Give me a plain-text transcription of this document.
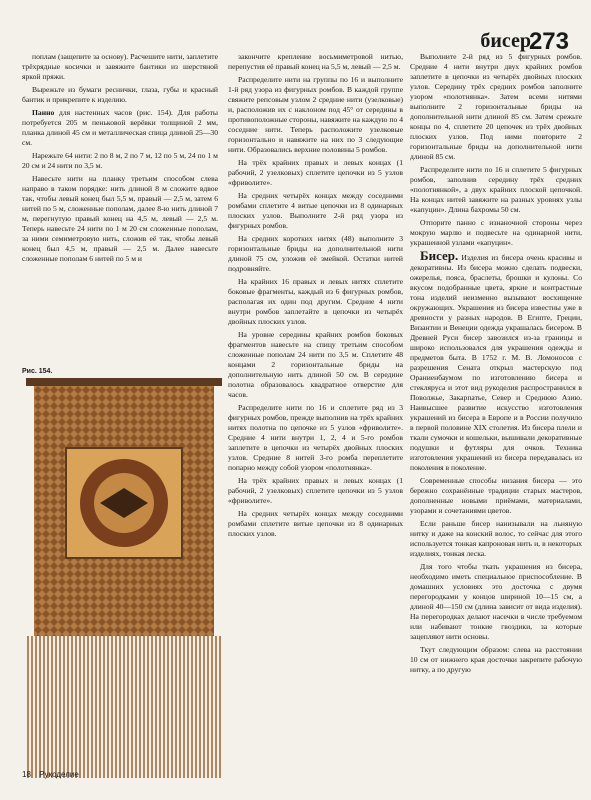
бисер
273

поплам (защепите за основу). Расчешите нити, заплетите трёхрядные косички и завяжите бантики из шерстяной яркой пряжи.

Вырежьте из бумаги реснички, глаза, губы и красный бантик и прикрепите к изделию.

Панно для настенных часов (рис. 154). Для работы потребуется 205 м пеньковой верёвки толщиной 2 мм, планка длиной 45 см и металлическая спица длиной 25—30 см.

Нарежьте 64 нити: 2 по 8 м, 2 по 7 м, 12 по 5 м, 24 по 1 м 20 см и 24 нити по 3,5 м.

Навесьте нити на планку третьим способом слева направо в таком порядке: нить длиной 8 м сложите вдвое так, чтобы левый конец был 5,5 м, правый — 2,5 м, затем 6 нитей по 5 м, сложенные пополам, далее 8-ю нить длиной 7 м, перегнутую правый конец на 4,5 м, левый — 2,5 м. Теперь навесьте 24 нити по 1 м 20 см сложенные пополам, за ними семиметровую нить, сложив её так, чтобы левый конец был 4,5 м, правый — 2,5 м. Далее навесьте сложенные пополам 6 нитей по 5 м и

Рис. 154.

закончите крепление восьмиметровой нитью, перепустив её правый конец на 5,5 м, левый — 2,5 м.

Распределите нити на группы по 16 и выполните 1-й ряд узора из фигурных ромбов. В каждой группе свяжите репсовым узлом 2 средние нити (узелковые) и, расположив их с наклоном под 45° от середины в противоположные стороны, навяжите на каждую по 4 соседние нити. Теперь расположите узелковые горизонтально и навяжите на них по 3 следующие нити. Образовались верхние половины 5 ромбов.

На трёх крайних правых и левых концах (1 рабочий, 2 узелковых) сплетите цепочки из 5 узлов «фриволите».

На средних четырёх концах между соседними ромбами сплетите 4 витые цепочки из 8 одинарных плоских узлов. Выполните 2-й ряд узора из фигурных ромбов.

На средних коротких нитях (48) выполните 3 горизонтальные бриды на дополнительной нити длиной 75 см, уложив её змейкой. Остатки нитей подровняйте.

На крайних 16 правых и левых нитях сплетите боковые фрагменты, каждый из 6 фигурных ромбов, располагая их один под другим. Средние 4 нити внутри ромбов заплетайте в цепочки из четырёх двойных плоских узлов.

На уровне середины крайних ромбов боковых фрагментов навесьте на спицу третьим способом сложенные пополам 24 нити по 3,5 м. Сплетите 48 концами 2 горизонтальные бриды на дополнительную нить длиной 50 см. В середине полотна образовалось квадратное отверстие для часов.

Распределите нити по 16 и сплетите ряд из 3 фигурных ромбов, прежде выполнив на трёх крайних нитях полотна по цепочке из 5 узлов «фриволите». Средние 4 нити внутри 1, 2, 4 и 5-го ромбов заплетите в цепочки из четырёх двойных плоских узлов. Средние 8 нитей 3-го ромба переплетите попарно между собой узором «полотнянка».

На трёх крайних правых и левых концах (1 рабочий, 2 узелковых) сплетите цепочки из 5 узлов «фриволите».

На средних четырёх концах между соседними ромбами сплетите витые цепочки из 8 одинарных плоских узлов.

Выполните 2-й ряд из 5 фигурных ромбов. Средние 4 нити внутри двух крайних ромбов заплетите в цепочки из четырёх двойных плоских узлов. Середину трёх средних ромбов заполните узором «полотнянка». Затем всеми нитями выполните 2 горизонтальные бриды на дополнительной нити длиной 85 см. Затем срежьте концы по 4, сплетите 20 цепочек из трёх двойных плоских узлов. Под ними повторите 2 горизонтальные бриды на дополнительной нити длиной 85 см.

Распределите нити по 16 и сплетите 5 фигурных ромбов, заполнив середину трёх средних «полотнянкой», а двух крайних плоской цепочкой. На концах нитей завяжите на разных уровнях узлы «капуцин». Длина бахромы 50 см.

Отпорите панно с изнаночной стороны через мокрую марлю и подвесьте на одинарной нити, украшенной узлами «капуцин».

Бисер. Изделия из бисера очень красивы и декоративны. Из бисера можно сделать подвески, ожерелья, пояса, браслеты, брошки и кулоны. Со вкусом подобранные цвета, яркие и контрастные тона изделий неизменно вызывают восхищение окружающих. Украшения из бисера известны уже в древности у разных народов. В Египте, Греции, Византии и Венеции одежда украшалась бисером. В Древней Руси бисер завозился из-за границы и широко использовался для украшения одежды и предметов быта. В 1752 г. М. В. Ломоносов с разрешения Сената открыл мастерскую под Ораниенбаумом по изготовлению бисера и стекляруса и этот вид рукоделия распространился в Поволжье, Закарпатье, Север и Среднюю Азию. Наивысшее развитие искусство изготовления украшений из бисера в Европе и в России получило в первой половине XIX столетия. Из бисера плели и ткали сумочки и кошельки, вышивали декоративные подушки и футляры для очков. Техника изготовления украшений из бисера передавалась из поколения в поколение.

Современные способы низания бисера — это бережно сохранённые традиции старых мастеров, дополненные новыми приёмами, материалами, узорами и сочетаниями цветов.

Если раньше бисер нанизывали на льняную нитку и даже на конский волос, то сейчас для этого используется тонкая капроновая нить и, в некоторых изделиях, тонкая леска.

Для того чтобы ткать украшения из бисера, необходимо иметь специальное приспособление. В домашних условиях это досточка с двумя перегородками у концов шириной 10—15 см, а длиной 40—150 см (длина зависит от вида изделия). На перегородках делают насечки в числе требуемом или набивают тонкие гвоздики, за которые зацепляют нити основы.

Ткут следующим образом: слева на расстоянии 10 см от нижнего края досточки закрепите рабочую нитку, а по другую

18 Рукоделие
